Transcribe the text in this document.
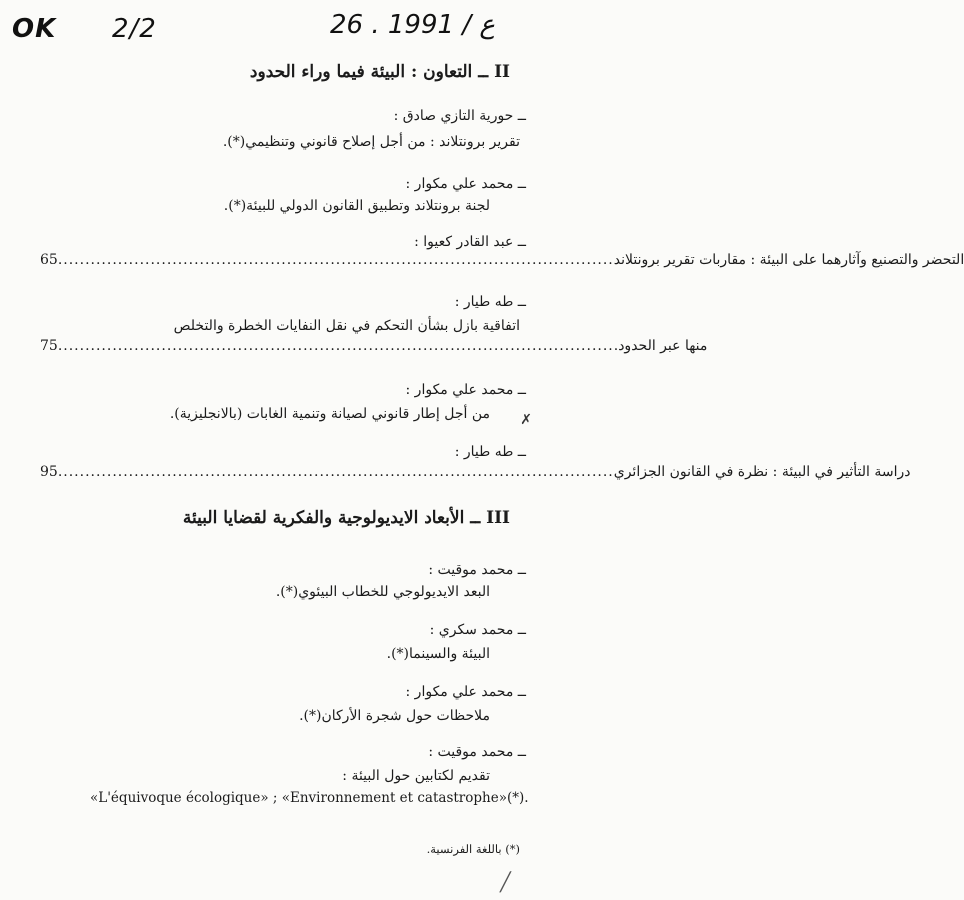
OK 2/2	26 . ع / 1991
II ــ التعاون : البيئة فيما وراء الحدود
ــ حورية التازي صادق :
تقرير برونتلاند : من أجل إصلاح قانوني وتنظيمي(*).
ــ محمد علي مكوار :
لجنة برونتلاند وتطبيق القانون الدولي للبيئة(*).
ــ عبد القادر كعيوا :
65 ...................................................................................................... التحضر والتصنيع وآثارهما على البيئة : مقاربات تقرير برونتلاند
ــ طه طيار :
اتفاقية بازل بشأن التحكم في نقل النفايات الخطرة والتخلص
75 ...................................................................................................... منها عبر الحدود.
ــ محمد علي مكوار :
✗
من أجل إطار قانوني لصيانة وتنمية الغابات (بالانجليزية).
ــ طه طيار :
95 ...................................................................................................... دراسة التأثير في البيئة : نظرة في القانون الجزائري
III ــ الأبعاد الايديولوجية والفكرية لقضايا البيئة
ــ محمد موقيت :
البعد الايديولوجي للخطاب البيئوي(*).
ــ محمد سكري :
البيئة والسينما(*).
ــ محمد علي مكوار :
ملاحظات حول شجرة الأركان(*).
ــ محمد موقيت :
تقديم لكتابين حول البيئة :
«L'équivoque écologique» ; «Environnement et catastrophe»(*).
(*) باللغة الفرنسية.
╱
